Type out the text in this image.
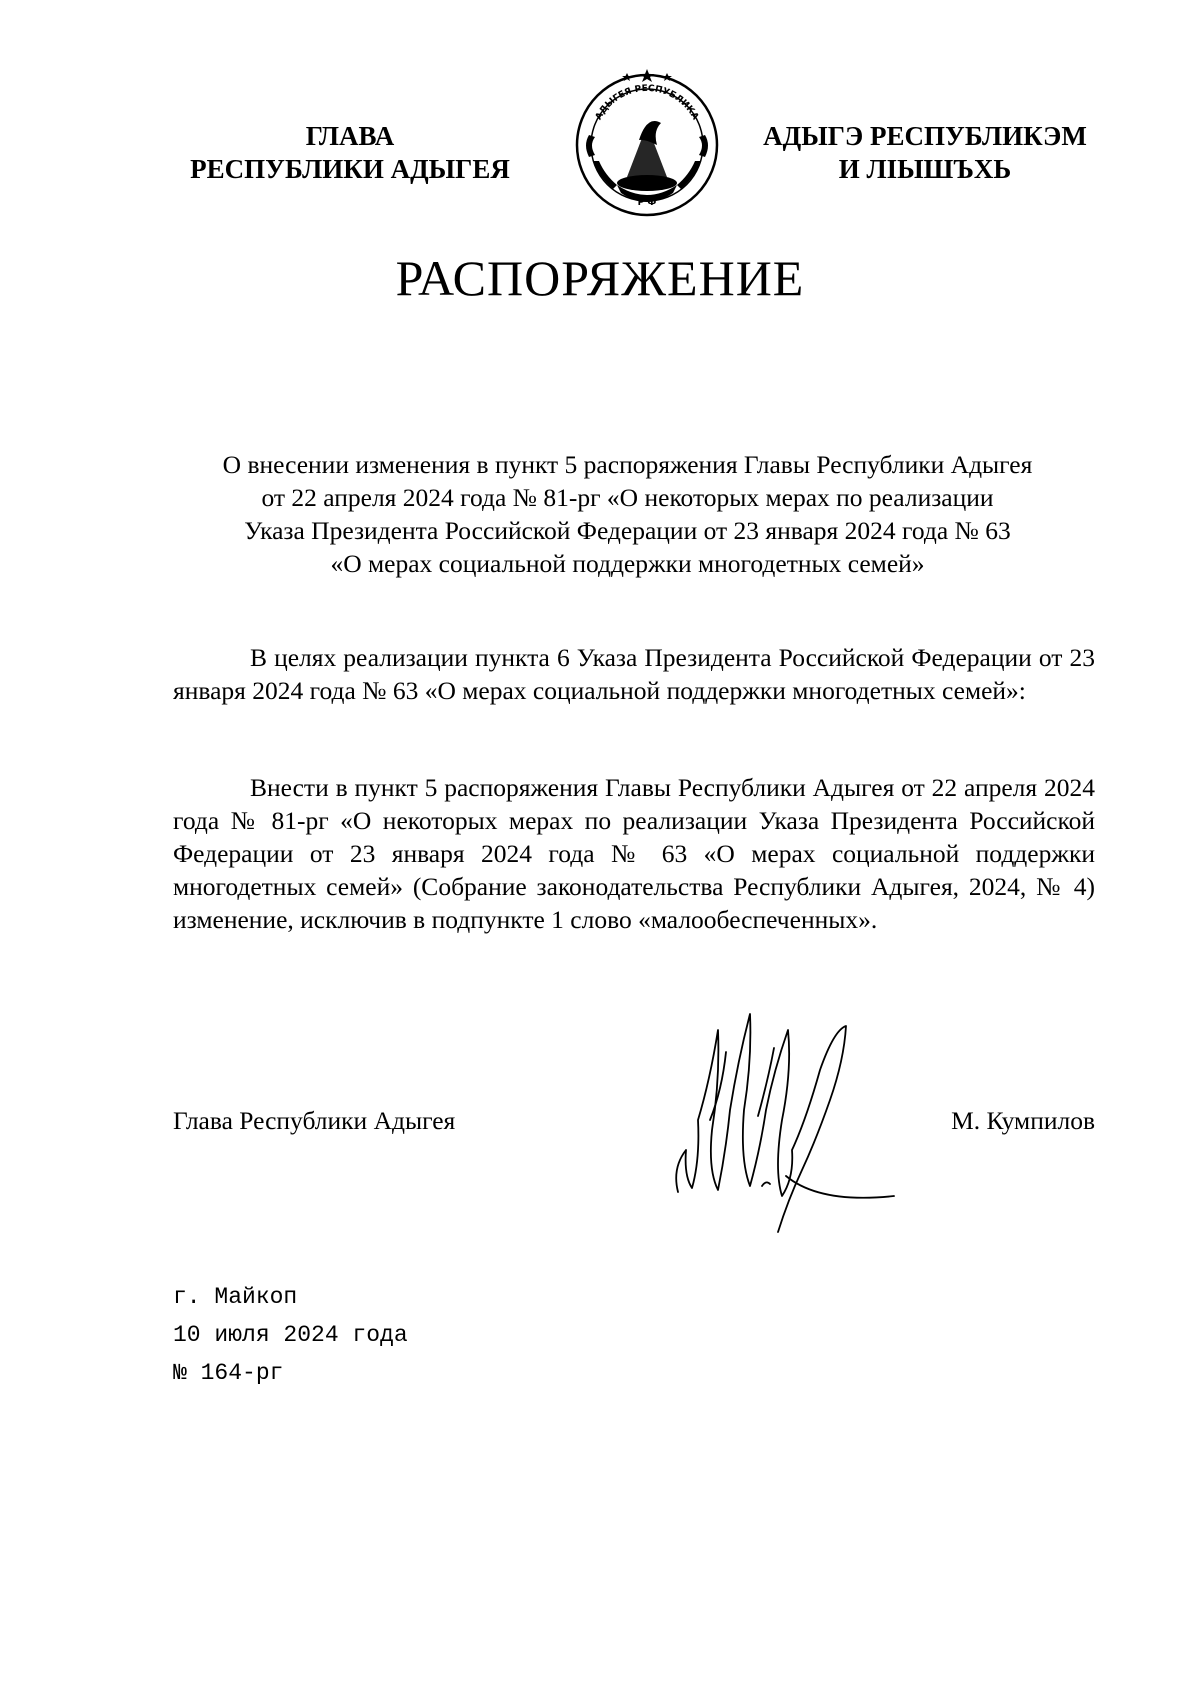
ГЛАВА
РЕСПУБЛИКИ АДЫГЕЯ
АДЫГЕЯ РЕСПУБЛИКА
Р Ф
АДЫГЭ РЕСПУБЛИКЭМ
И ЛІЫШЪХЬ
РАСПОРЯЖЕНИЕ
О внесении изменения в пункт 5 распоряжения Главы Республики Адыгея
от 22 апреля 2024 года № 81-рг «О некоторых мерах по реализации
Указа Президента Российской Федерации от 23 января 2024 года № 63
«О мерах социальной поддержки многодетных семей»

В целях реализации пункта 6 Указа Президента Российской Федерации от 23 января 2024 года № 63 «О мерах социальной поддержки многодетных семей»:

Внести в пункт 5 распоряжения Главы Республики Адыгея от 22 апреля 2024 года № 81-рг «О некоторых мерах по реализации Указа Президента Российской Федерации от 23 января 2024 года № 63 «О мерах социальной поддержки многодетных семей» (Собрание законодательства Республики Адыгея, 2024, № 4) изменение, исключив в подпункте 1 слово «малообеспеченных».

Глава Республики Адыгея	М. Кумпилов
г. Майкоп
10 июля 2024 года
№ 164-рг
